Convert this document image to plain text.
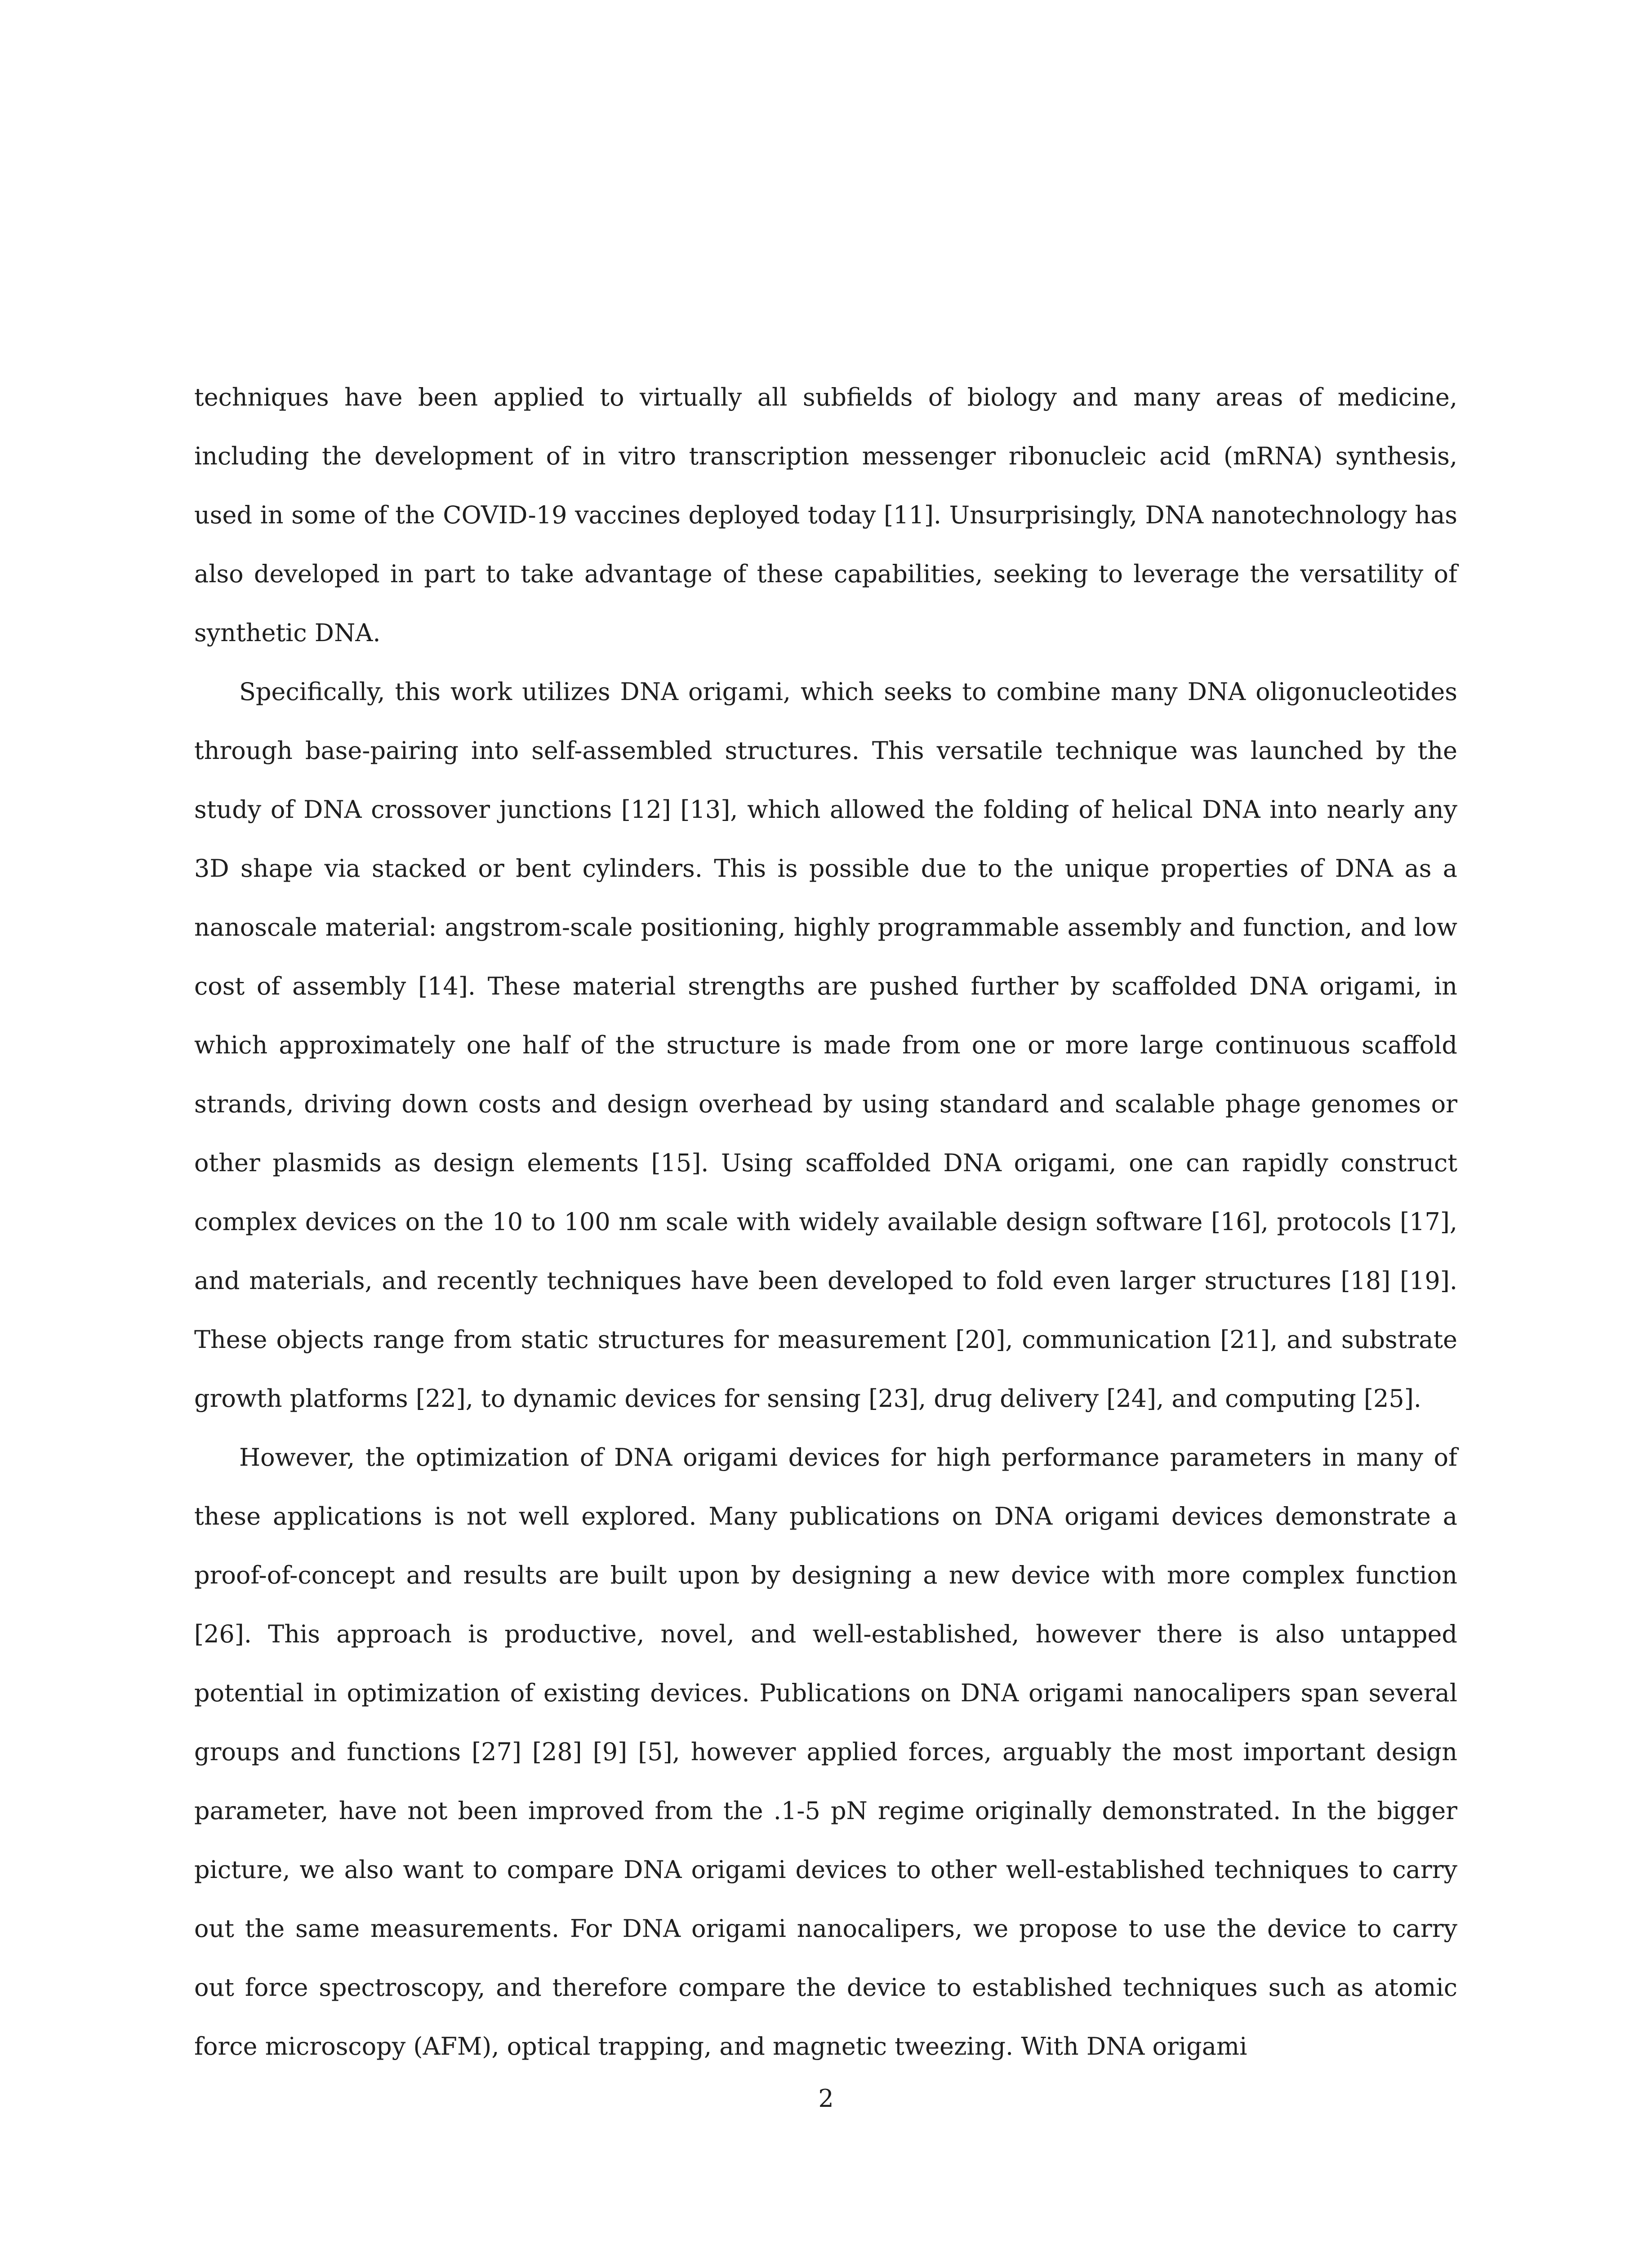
techniques have been applied to virtually all subfields of biology and many areas of medicine, including the development of in vitro transcription messenger ribonucleic acid (mRNA) synthesis, used in some of the COVID-19 vaccines deployed today [11]. Unsurprisingly, DNA nanotechnology has also developed in part to take advantage of these capabilities, seeking to leverage the versatility of synthetic DNA.

Specifically, this work utilizes DNA origami, which seeks to combine many DNA oligonucleotides through base-pairing into self-assembled structures. This versatile technique was launched by the study of DNA crossover junctions [12] [13], which allowed the folding of helical DNA into nearly any 3D shape via stacked or bent cylinders. This is possible due to the unique properties of DNA as a nanoscale material: angstrom-scale positioning, highly programmable assembly and function, and low cost of assembly [14]. These material strengths are pushed further by scaffolded DNA origami, in which approximately one half of the structure is made from one or more large continuous scaffold strands, driving down costs and design overhead by using standard and scalable phage genomes or other plasmids as design elements [15]. Using scaffolded DNA origami, one can rapidly construct complex devices on the 10 to 100 nm scale with widely available design software [16], protocols [17], and materials, and recently techniques have been developed to fold even larger structures [18] [19]. These objects range from static structures for measurement [20], communication [21], and substrate growth platforms [22], to dynamic devices for sensing [23], drug delivery [24], and computing [25].

However, the optimization of DNA origami devices for high performance parameters in many of these applications is not well explored. Many publications on DNA origami devices demonstrate a proof-of-concept and results are built upon by designing a new device with more complex function [26]. This approach is productive, novel, and well-established, however there is also untapped potential in optimization of existing devices. Publications on DNA origami nanocalipers span several groups and functions [27] [28] [9] [5], however applied forces, arguably the most important design parameter, have not been improved from the .1-5 pN regime originally demonstrated. In the bigger picture, we also want to compare DNA origami devices to other well-established techniques to carry out the same measurements. For DNA origami nanocalipers, we propose to use the device to carry out force spectroscopy, and therefore compare the device to established techniques such as atomic force microscopy (AFM), optical trapping, and magnetic tweezing. With DNA origami

2
